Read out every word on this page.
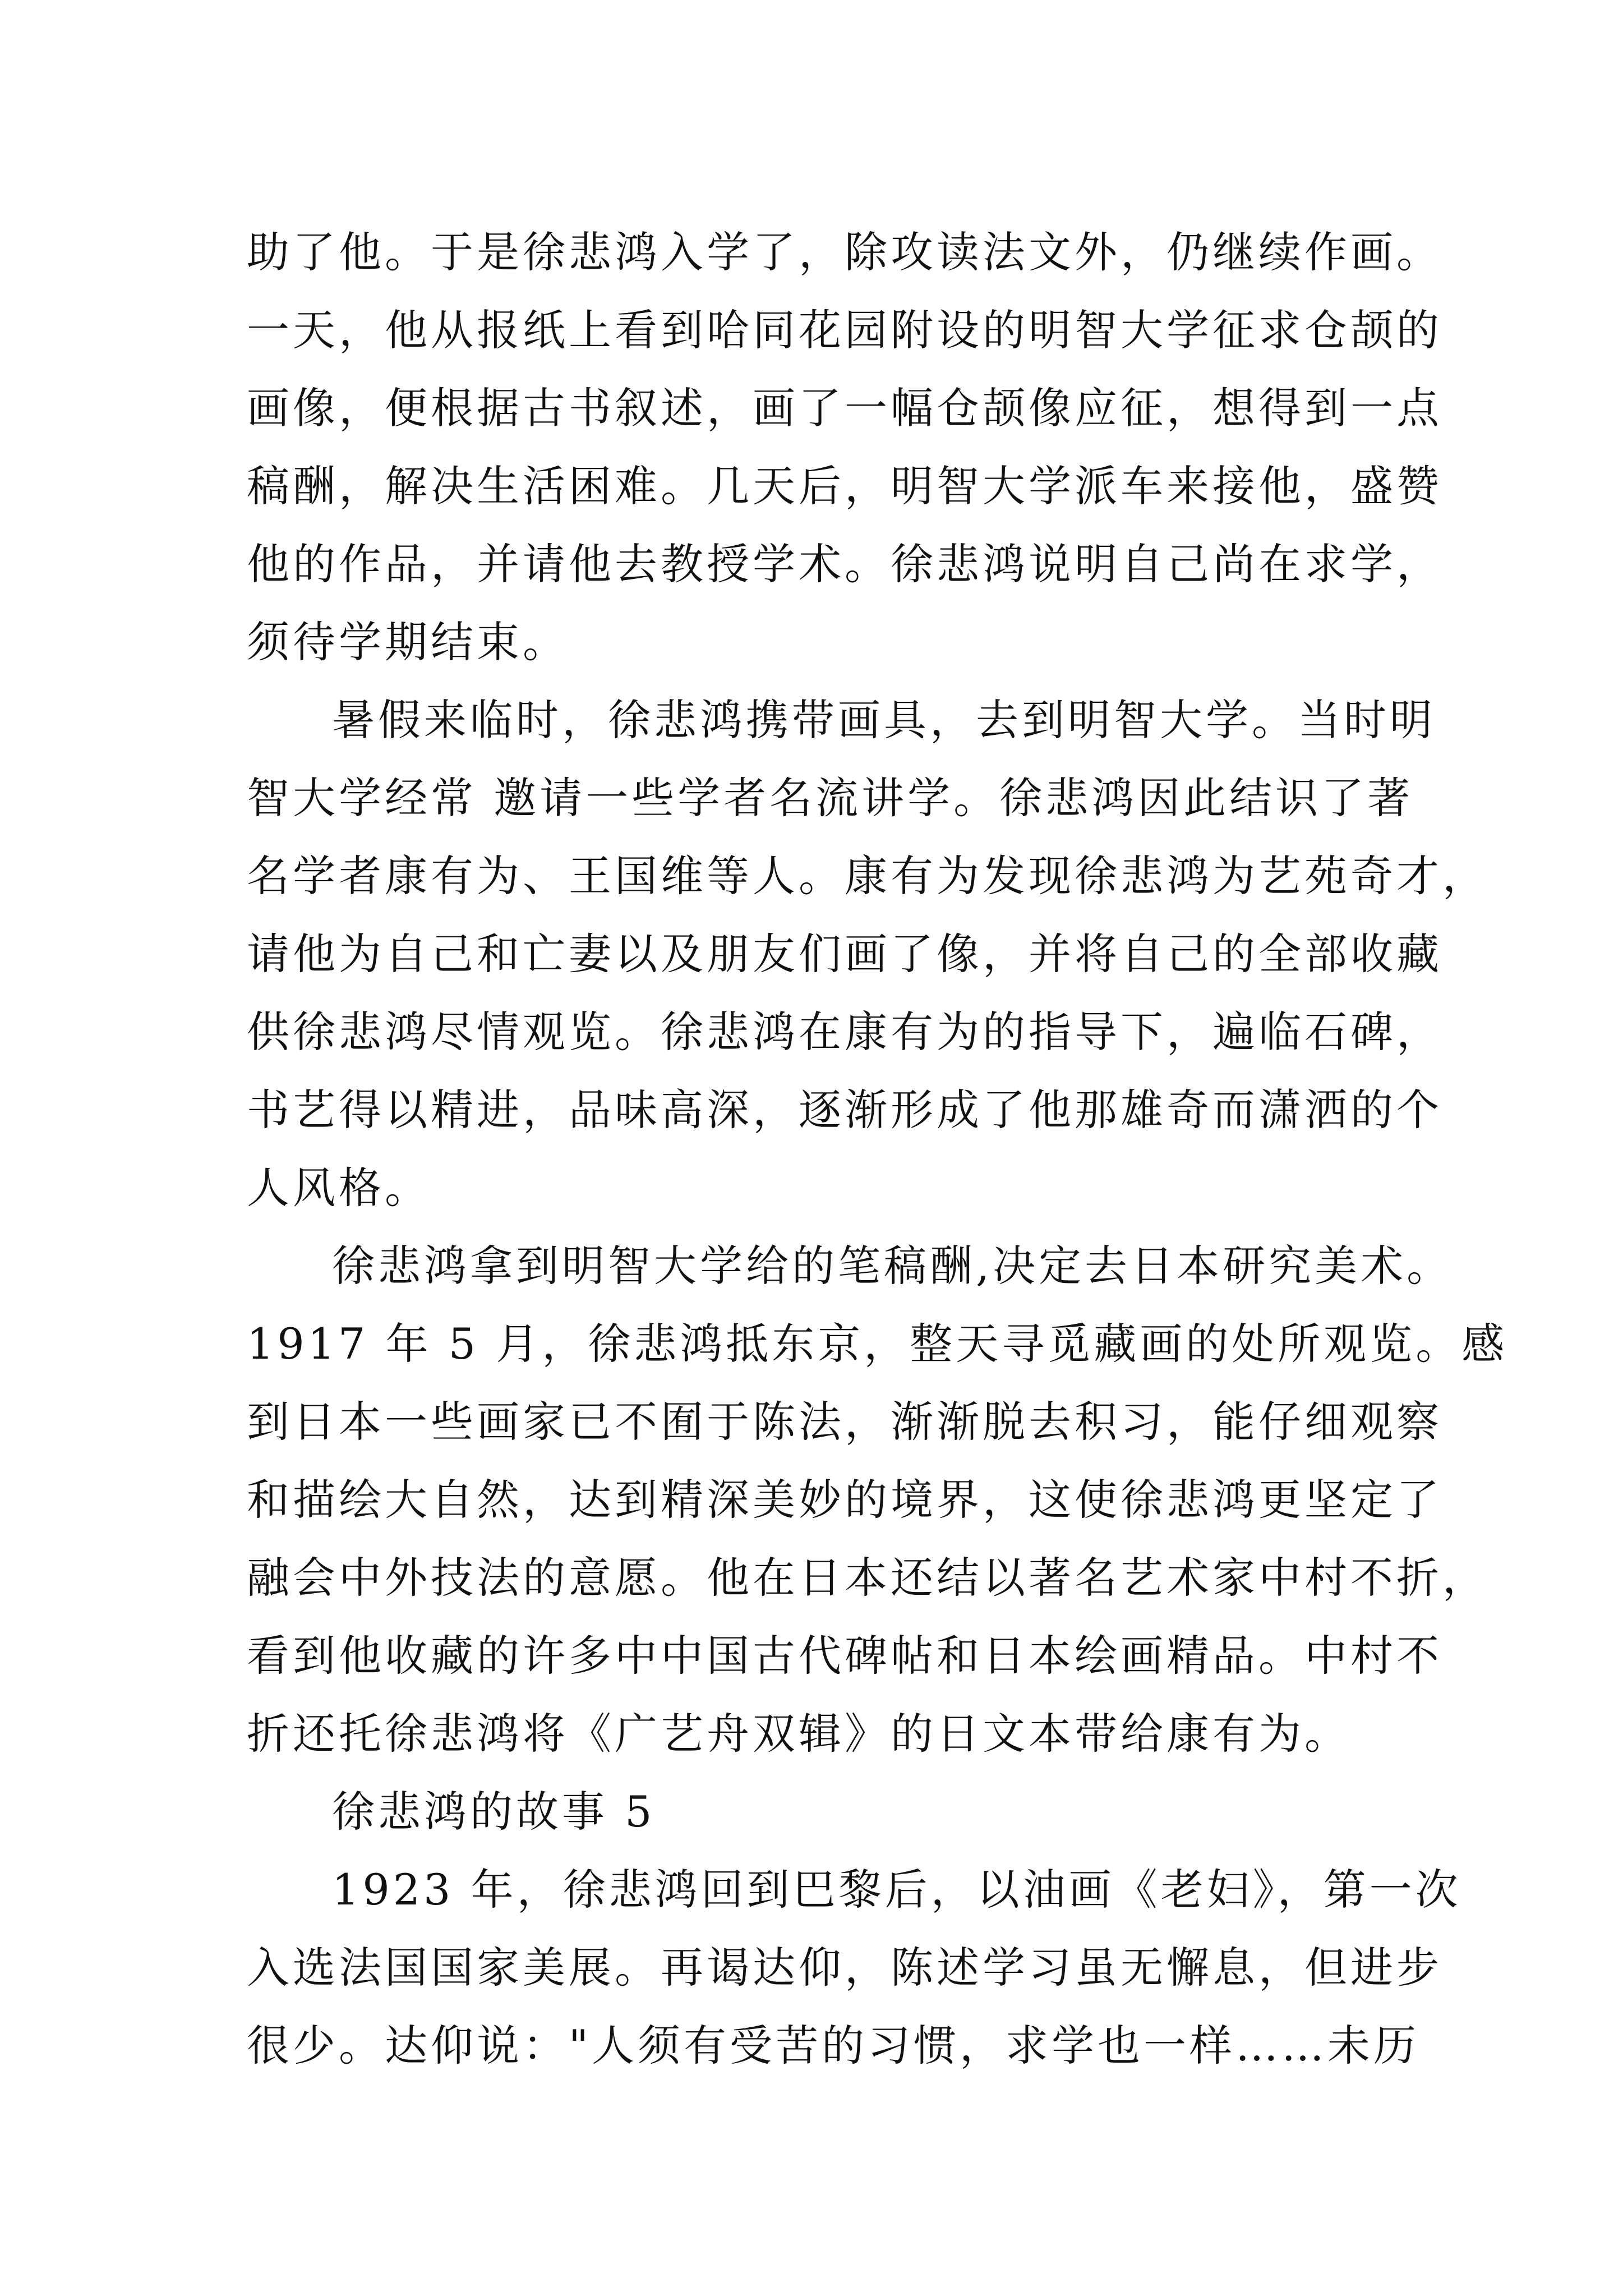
助了他。于是徐悲鸿入学了，除攻读法文外，仍继续作画。
一天，他从报纸上看到哈同花园附设的明智大学征求仓颉的
画像，便根据古书叙述，画了一幅仓颉像应征，想得到一点
稿酬，解决生活困难。几天后，明智大学派车来接他，盛赞
他的作品，并请他去教授学术。徐悲鸿说明自己尚在求学，
须待学期结束。
暑假来临时，徐悲鸿携带画具，去到明智大学。当时明
智大学经常 邀请一些学者名流讲学。徐悲鸿因此结识了著
名学者康有为、王国维等人。康有为发现徐悲鸿为艺苑奇才，
请他为自己和亡妻以及朋友们画了像，并将自己的全部收藏
供徐悲鸿尽情观览。徐悲鸿在康有为的指导下，遍临石碑，
书艺得以精进，品味高深，逐渐形成了他那雄奇而潇洒的个
人风格。
徐悲鸿拿到明智大学给的笔稿酬,决定去日本研究美术。
1917 年 5 月，徐悲鸿抵东京，整天寻觅藏画的处所观览。感
到日本一些画家已不囿于陈法，渐渐脱去积习，能仔细观察
和描绘大自然，达到精深美妙的境界，这使徐悲鸿更坚定了
融会中外技法的意愿。他在日本还结以著名艺术家中村不折，
看到他收藏的许多中中国古代碑帖和日本绘画精品。中村不
折还托徐悲鸿将《广艺舟双辑》的日文本带给康有为。
徐悲鸿的故事 5
1923 年，徐悲鸿回到巴黎后，以油画《老妇》，第一次
入选法国国家美展。再谒达仰，陈述学习虽无懈息，但进步
很少。达仰说："人须有受苦的习惯，求学也一样……未历
